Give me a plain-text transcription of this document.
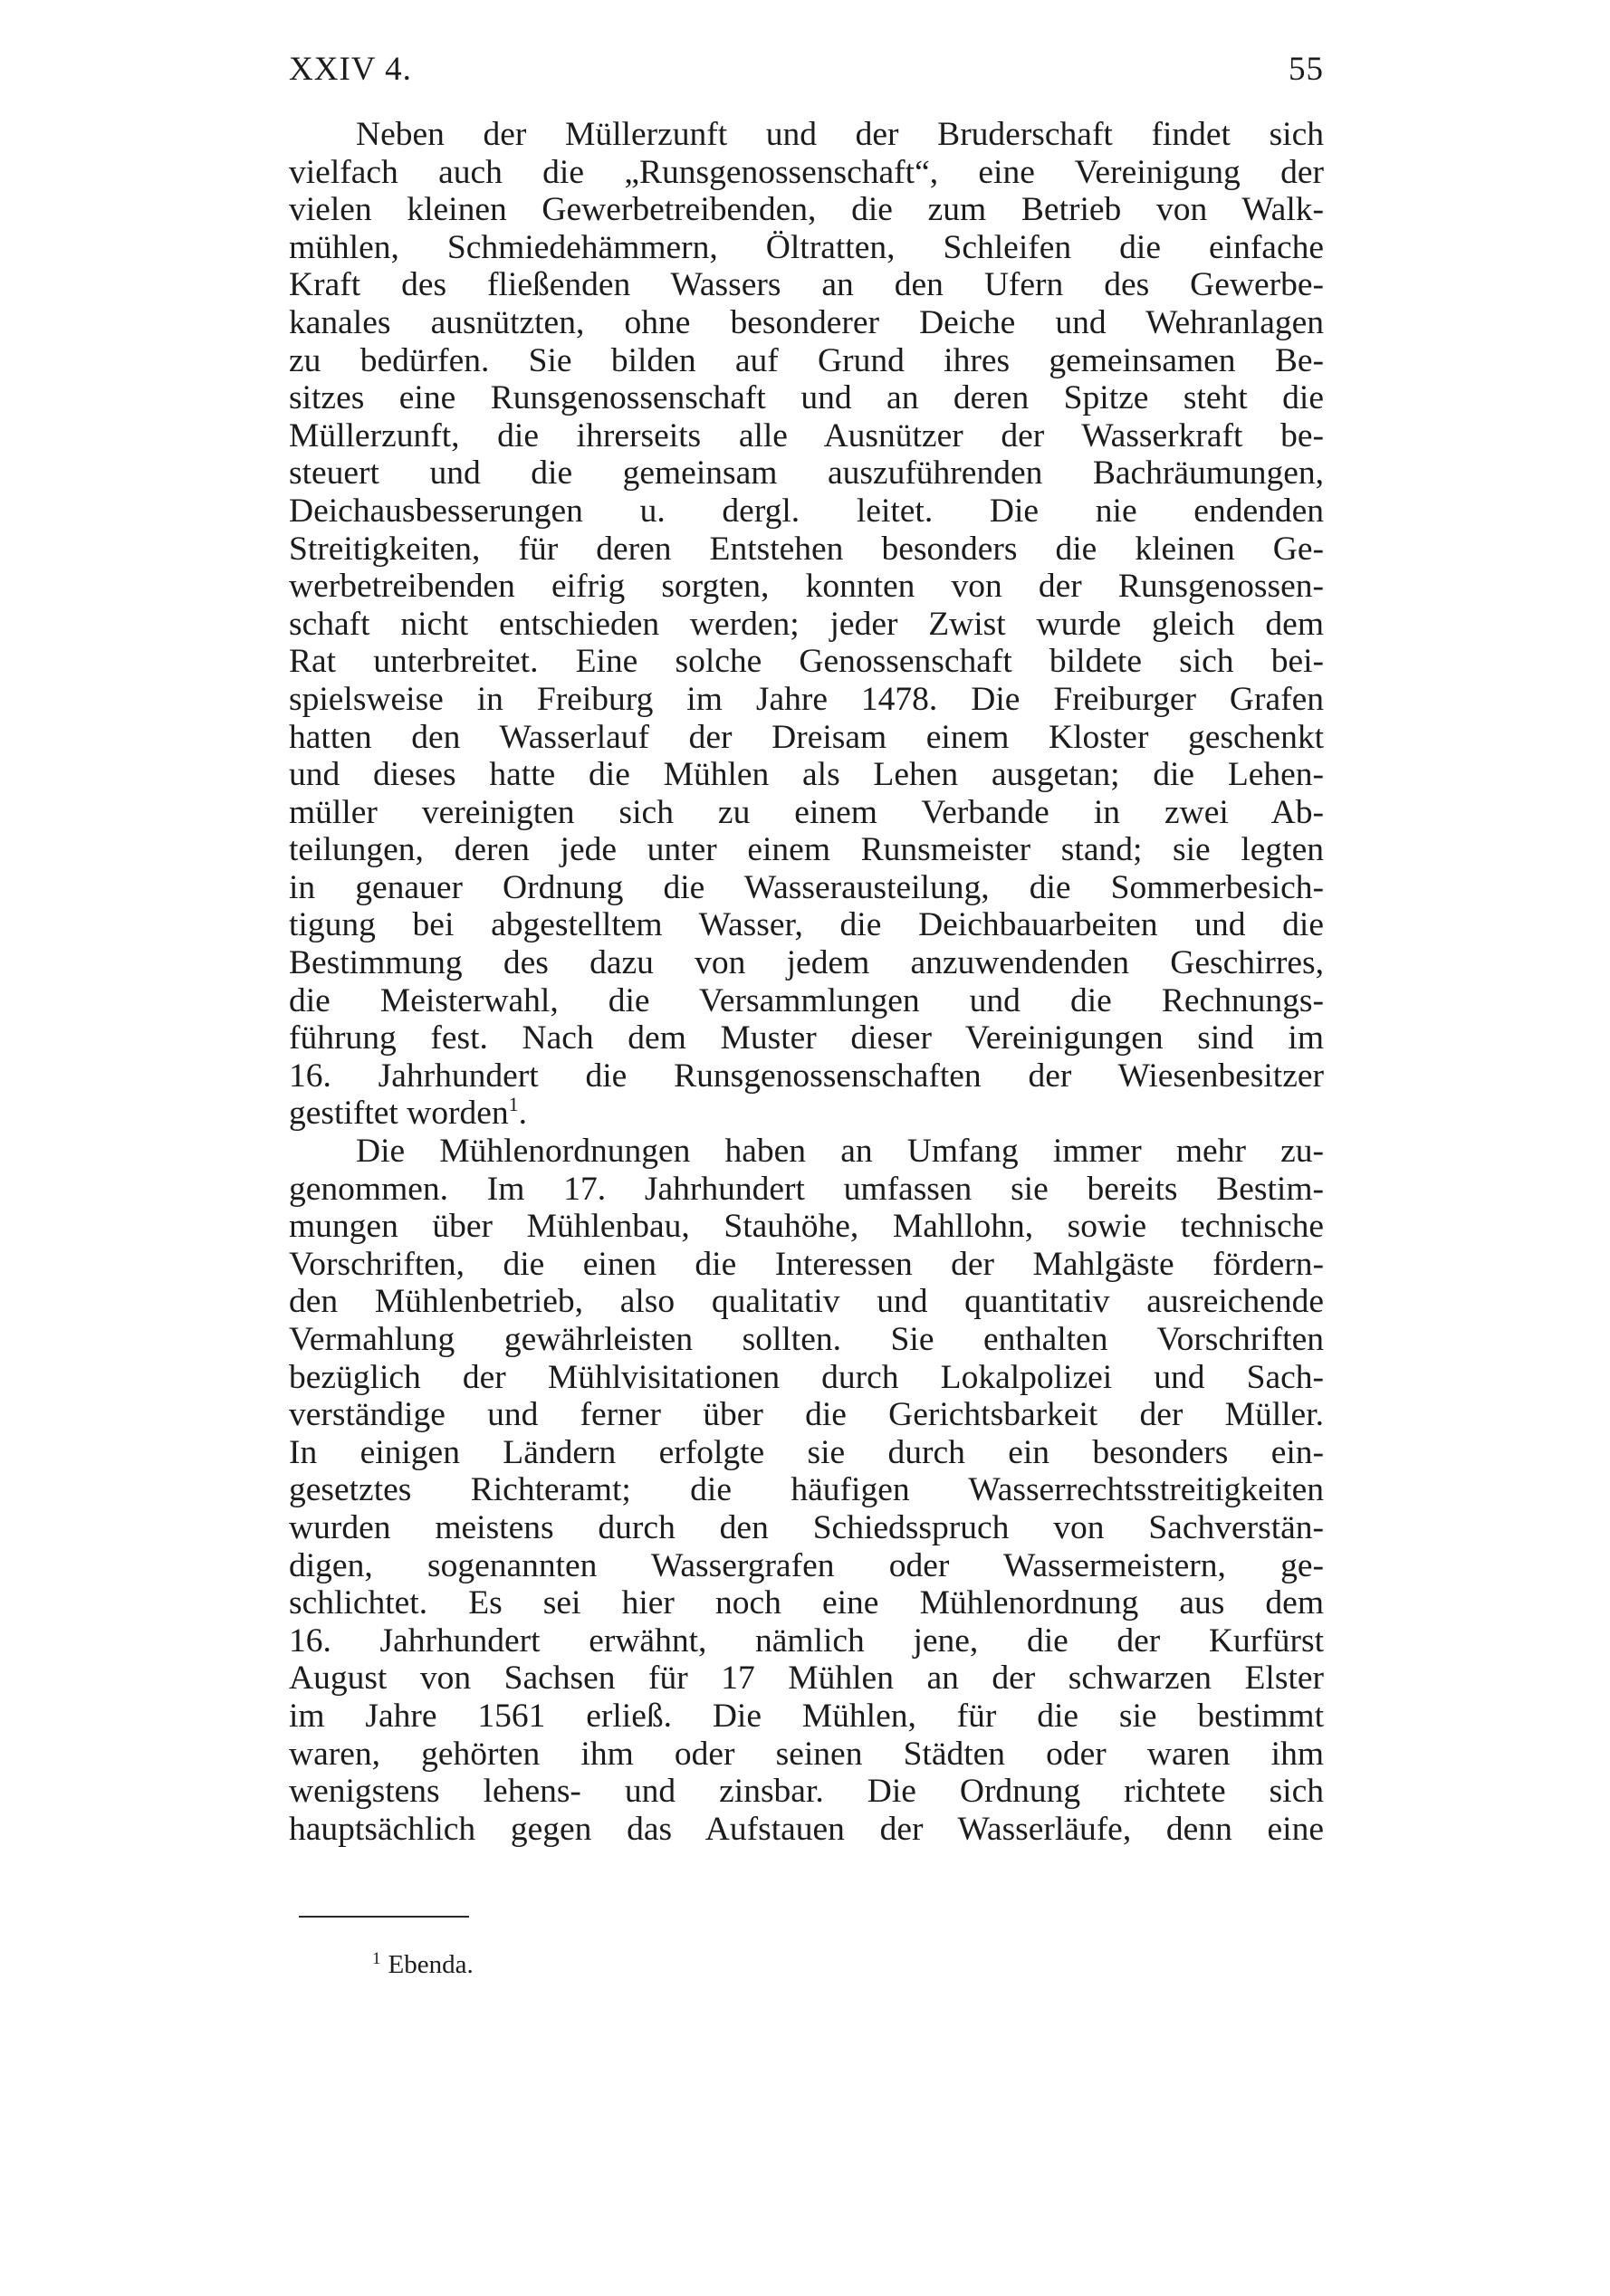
XXIV 4.	55
Neben der Müllerzunft und der Bruderschaft findet sich
vielfach auch die „Runsgenossenschaft“, eine Vereinigung der
vielen kleinen Gewerbetreibenden, die zum Betrieb von Walk-
mühlen, Schmiedehämmern, Öltratten, Schleifen die einfache
Kraft des fließenden Wassers an den Ufern des Gewerbe-
kanales ausnützten, ohne besonderer Deiche und Wehranlagen
zu bedürfen. Sie bilden auf Grund ihres gemeinsamen Be-
sitzes eine Runsgenossenschaft und an deren Spitze steht die
Müllerzunft, die ihrerseits alle Ausnützer der Wasserkraft be-
steuert und die gemeinsam auszuführenden Bachräumungen,
Deichausbesserungen u. dergl. leitet. Die nie endenden
Streitigkeiten, für deren Entstehen besonders die kleinen Ge-
werbetreibenden eifrig sorgten, konnten von der Runsgenossen-
schaft nicht entschieden werden; jeder Zwist wurde gleich dem
Rat unterbreitet. Eine solche Genossenschaft bildete sich bei-
spielsweise in Freiburg im Jahre 1478. Die Freiburger Grafen
hatten den Wasserlauf der Dreisam einem Kloster geschenkt
und dieses hatte die Mühlen als Lehen ausgetan; die Lehen-
müller vereinigten sich zu einem Verbande in zwei Ab-
teilungen, deren jede unter einem Runsmeister stand; sie legten
in genauer Ordnung die Wasserausteilung, die Sommerbesich-
tigung bei abgestelltem Wasser, die Deichbauarbeiten und die
Bestimmung des dazu von jedem anzuwendenden Geschirres,
die Meisterwahl, die Versammlungen und die Rechnungs-
führung fest. Nach dem Muster dieser Vereinigungen sind im
16. Jahrhundert die Runsgenossenschaften der Wiesenbesitzer
gestiftet worden$^1$.
Die Mühlenordnungen haben an Umfang immer mehr zu-
genommen. Im 17. Jahrhundert umfassen sie bereits Bestim-
mungen über Mühlenbau, Stauhöhe, Mahllohn, sowie technische
Vorschriften, die einen die Interessen der Mahlgäste fördern-
den Mühlenbetrieb, also qualitativ und quantitativ ausreichende
Vermahlung gewährleisten sollten. Sie enthalten Vorschriften
bezüglich der Mühlvisitationen durch Lokalpolizei und Sach-
verständige und ferner über die Gerichtsbarkeit der Müller.
In einigen Ländern erfolgte sie durch ein besonders ein-
gesetztes Richteramt; die häufigen Wasserrechtsstreitigkeiten
wurden meistens durch den Schiedsspruch von Sachverstän-
digen, sogenannten Wassergrafen oder Wassermeistern, ge-
schlichtet. Es sei hier noch eine Mühlenordnung aus dem
16. Jahrhundert erwähnt, nämlich jene, die der Kurfürst
August von Sachsen für 17 Mühlen an der schwarzen Elster
im Jahre 1561 erließ. Die Mühlen, für die sie bestimmt
waren, gehörten ihm oder seinen Städten oder waren ihm
wenigstens lehens- und zinsbar. Die Ordnung richtete sich
hauptsächlich gegen das Aufstauen der Wasserläufe, denn eine
$^1$ Ebenda.
